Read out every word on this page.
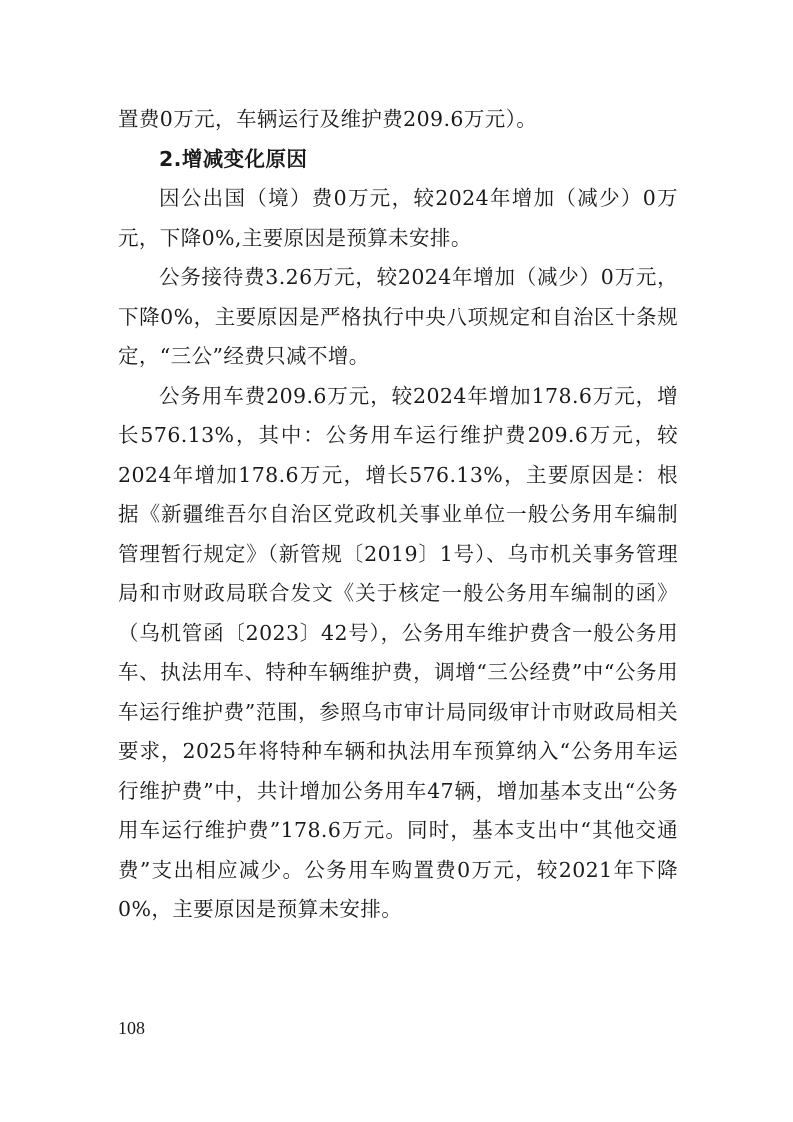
置费0万元，车辆运行及维护费209.6万元）。

2.增减变化原因

因公出国（境）费0万元，较2024年增加（减少）0万元，下降0%,主要原因是预算未安排。

公务接待费3.26万元，较2024年增加（减少）0万元，下降0%，主要原因是严格执行中央八项规定和自治区十条规定，“三公”经费只减不增。

公务用车费209.6万元，较2024年增加178.6万元，增长576.13%，其中：公务用车运行维护费209.6万元，较2024年增加178.6万元，增长576.13%，主要原因是：根据《新疆维吾尔自治区党政机关事业单位一般公务用车编制管理暂行规定》（新管规〔2019〕1号）、乌市机关事务管理局和市财政局联合发文《关于核定一般公务用车编制的函》（乌机管函〔2023〕42号），公务用车维护费含一般公务用车、执法用车、特种车辆维护费，调增“三公经费”中“公务用车运行维护费”范围，参照乌市审计局同级审计市财政局相关要求，2025年将特种车辆和执法用车预算纳入“公务用车运行维护费”中，共计增加公务用车47辆，增加基本支出“公务用车运行维护费”178.6万元。同时，基本支出中“其他交通费”支出相应减少。公务用车购置费0万元，较2021年下降0%，主要原因是预算未安排。

108
